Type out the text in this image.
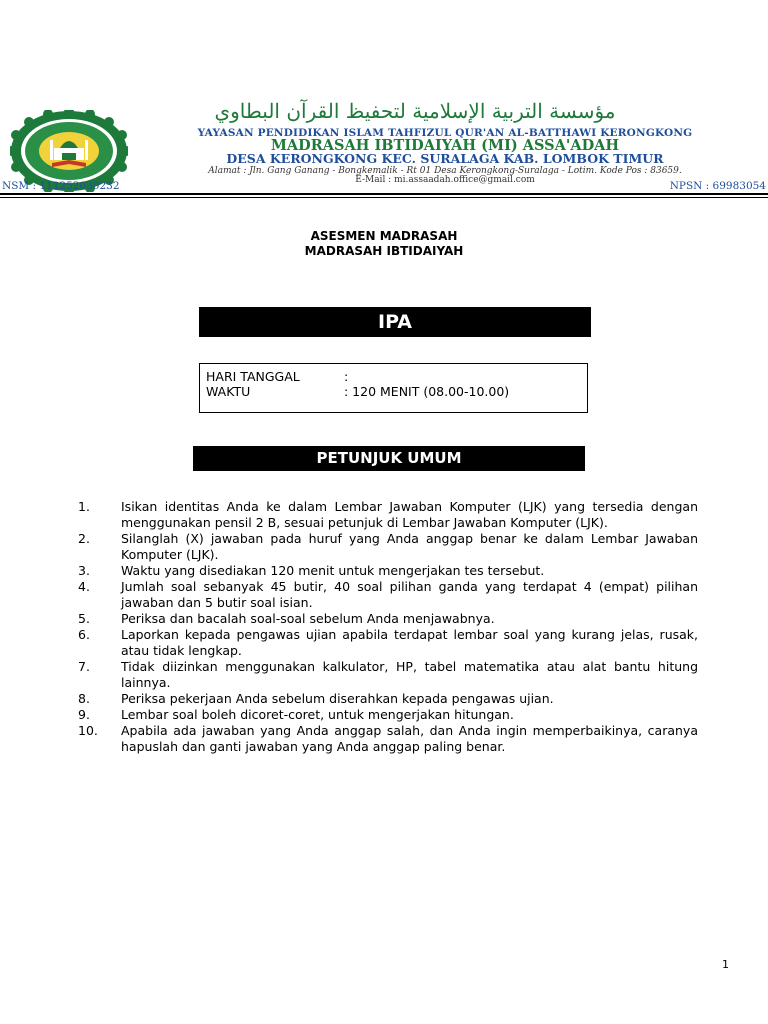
مؤسسة التربية الإسلامية لتحفيظ القرآن البطاوي
YAYASAN PENDIDIKAN ISLAM TAHFIZUL QUR'AN AL-BATTHAWI KERONGKONG
MADRASAH IBTIDAIYAH (MI) ASSA'ADAH
DESA KERONGKONG KEC. SURALAGA KAB. LOMBOK TIMUR
Alamat : Jln. Gang Ganang - Bongkemalik - Rt 01 Desa Kerongkong-Suralaga - Lotim. Kode Pos : 83659.
E-Mail : mi.assaadah.office@gmail.com
NSM : 111252030232	NPSN : 69983054
ASESMEN MADRASAH
MADRASAH IBTIDAIYAH
IPA
HARI TANGGAL	:
WAKTU	: 120 MENIT (08.00-10.00)
PETUNJUK UMUM
1. Isikan identitas Anda ke dalam Lembar Jawaban Komputer (LJK) yang tersedia dengan menggunakan pensil 2 B, sesuai petunjuk di Lembar Jawaban Komputer (LJK).
2. Silanglah (X) jawaban pada huruf yang Anda anggap benar ke dalam Lembar Jawaban Komputer (LJK).
3. Waktu yang disediakan 120 menit untuk mengerjakan tes tersebut.
4. Jumlah soal sebanyak 45 butir, 40 soal pilihan ganda yang terdapat 4 (empat) pilihan jawaban dan 5 butir soal isian.
5. Periksa dan bacalah soal-soal sebelum Anda menjawabnya.
6. Laporkan kepada pengawas ujian apabila terdapat lembar soal yang kurang jelas, rusak, atau tidak lengkap.
7. Tidak diizinkan menggunakan kalkulator, HP, tabel matematika atau alat bantu hitung lainnya.
8. Periksa pekerjaan Anda sebelum diserahkan kepada pengawas ujian.
9. Lembar soal boleh dicoret-coret, untuk mengerjakan hitungan.
10. Apabila ada jawaban yang Anda anggap salah, dan Anda ingin memperbaikinya, caranya hapuslah dan ganti jawaban yang Anda anggap paling benar.
1
